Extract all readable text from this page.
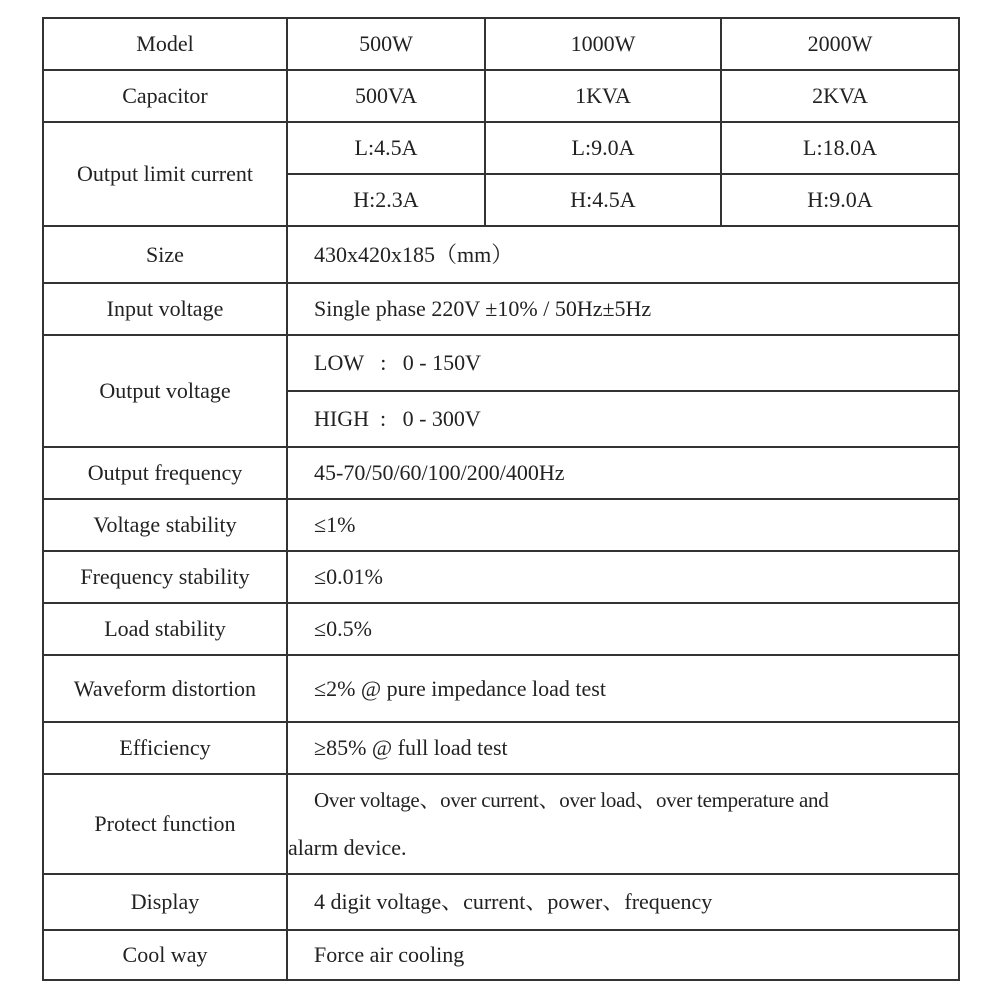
Model	500W	1000W	2000W
Capacitor	500VA	1KVA	2KVA
Output limit current	L:4.5A	L:9.0A	L:18.0A
	H:2.3A	H:4.5A	H:9.0A
Size	430x420x185（mm）		
Input voltage	Single phase 220V ±10% / 50Hz±5Hz		
Output voltage	LOW   :   0 - 150V		
	HIGH  :   0 - 300V		
Output frequency	45-70/50/60/100/200/400Hz		
Voltage stability	≤1%		
Frequency stability	≤0.01%		
Load stability	≤0.5%		
Waveform distortion	≤2% @ pure impedance load test		
Efficiency	≥85% @ full load test		
Protect function	Over voltage、over current、over load、over temperature and
alarm device.		

Display	4 digit voltage、current、power、frequency		
Cool way	Force air cooling		
